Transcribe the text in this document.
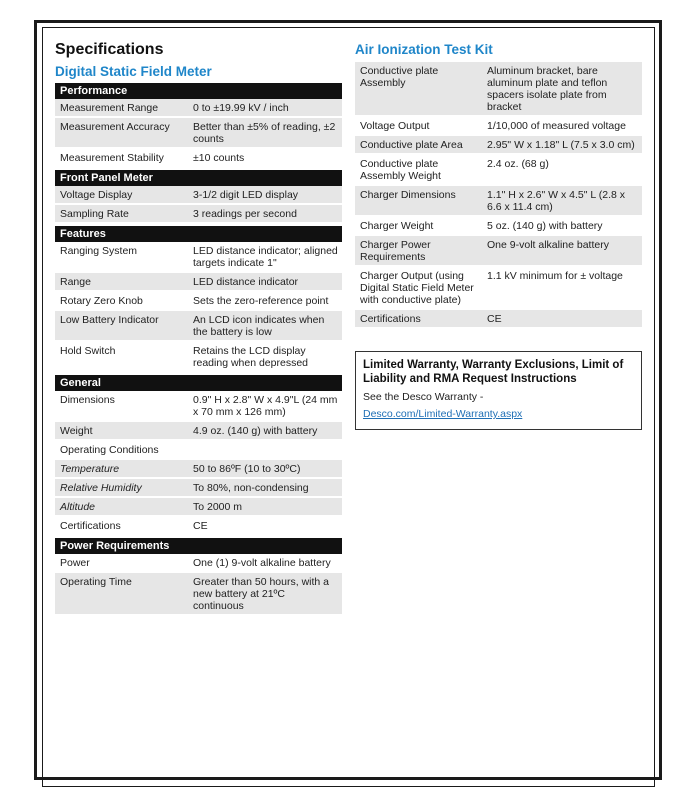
Specifications
Digital Static Field Meter
Performance
Measurement Range	0 to ±19.99 kV / inch
Measurement Accuracy	Better than ±5% of reading, ±2 counts
Measurement Stability	±10 counts
Front Panel Meter
Voltage Display	3-1/2 digit LED display
Sampling Rate	3 readings per second
Features
Ranging System	LED distance indicator; aligned targets indicate 1"
Range	LED distance indicator
Rotary Zero Knob	Sets the zero-reference point
Low Battery Indicator	An LCD icon indicates when the battery is low
Hold Switch	Retains the LCD display reading when depressed
General
Dimensions	0.9" H x 2.8" W x 4.9"L (24 mm x 70 mm x 126 mm)
Weight	4.9 oz. (140 g) with battery
Operating Conditions	
Temperature	50 to 86ºF (10 to 30ºC)
Relative Humidity	To 80%, non-condensing
Altitude	To 2000 m
Certifications	CE
Power Requirements
Power	One (1) 9-volt alkaline battery
Operating Time	Greater than 50 hours, with a new battery at 21ºC continuous
Air Ionization Test Kit
Conductive plate Assembly	Aluminum bracket, bare aluminum plate and teflon spacers isolate plate from bracket
Voltage Output	1/10,000 of measured voltage
Conductive plate Area	2.95" W x 1.18" L (7.5 x 3.0 cm)
Conductive plate Assembly Weight	2.4 oz. (68 g)
Charger Dimensions	1.1" H x 2.6" W x 4.5" L (2.8 x 6.6 x 11.4 cm)
Charger Weight	5 oz. (140 g) with battery
Charger Power Requirements	One 9-volt alkaline battery
Charger Output (using Digital Static Field Meter with conductive plate)	1.1 kV minimum for ± voltage
Certifications	CE
Limited Warranty, Warranty Exclusions, Limit of Liability and RMA Request Instructions
See the Desco Warranty -
Desco.com/Limited-Warranty.aspx
